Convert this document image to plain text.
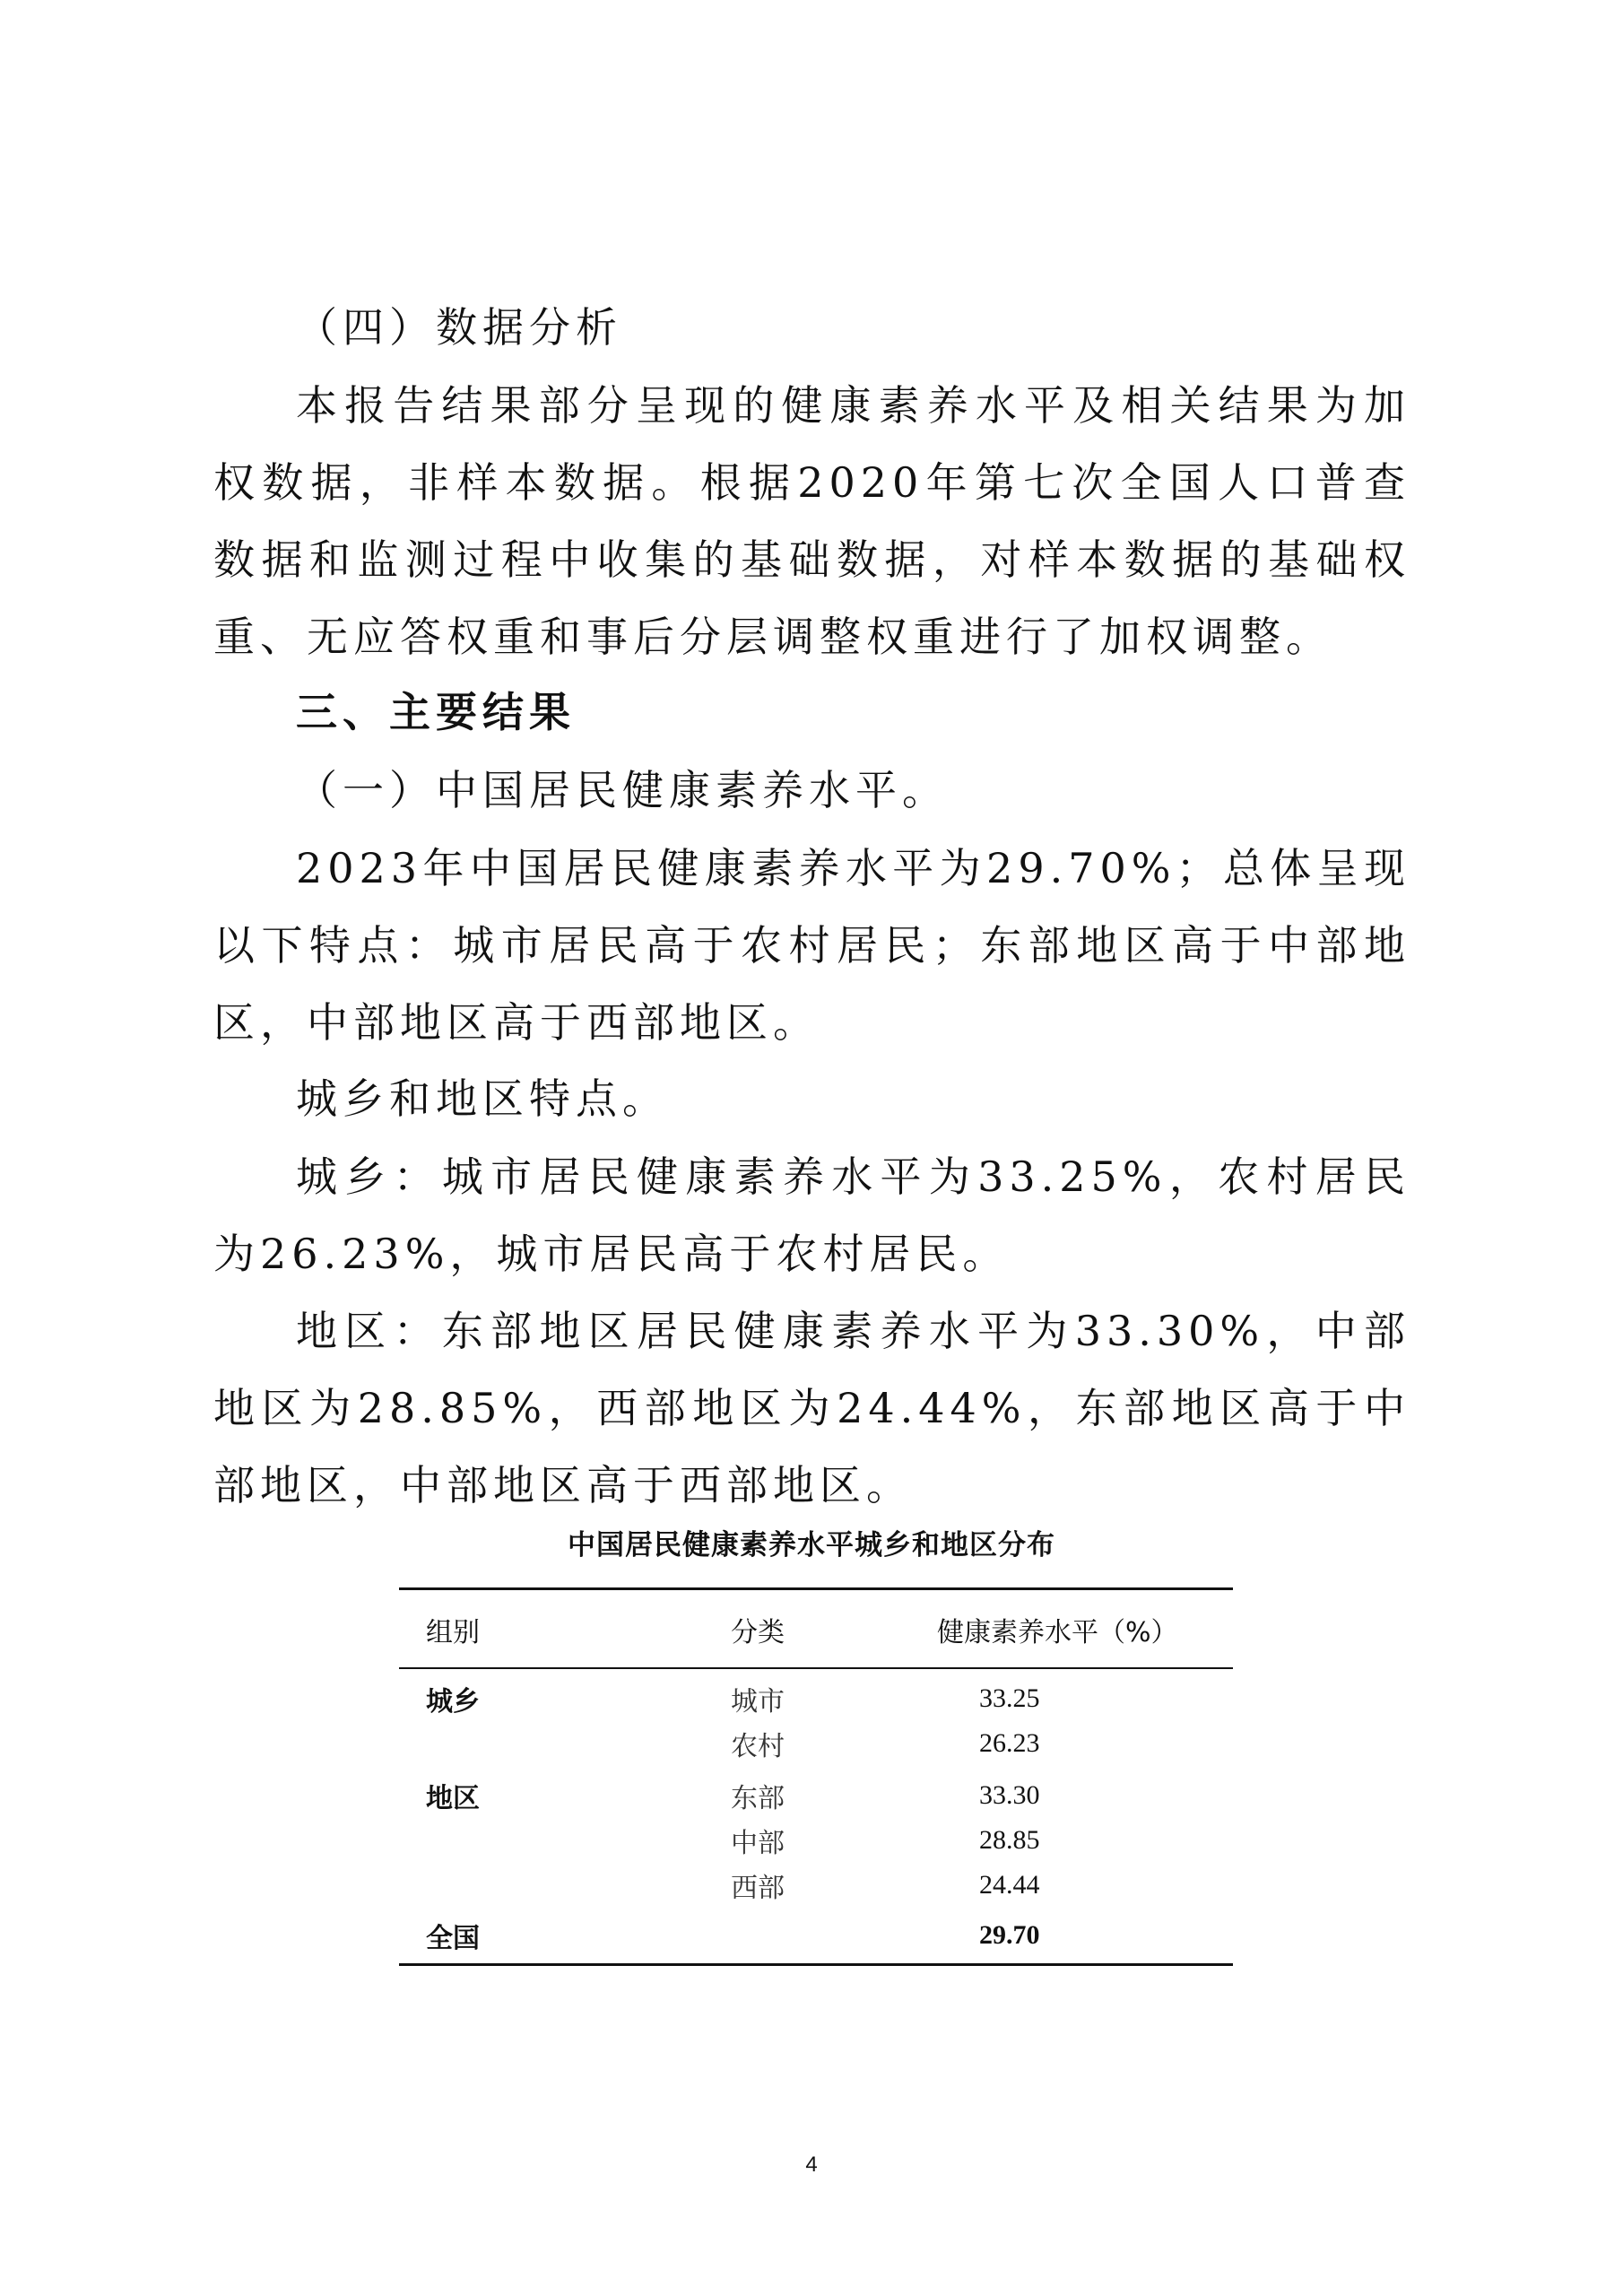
（四）数据分析

本报告结果部分呈现的健康素养水平及相关结果为加权数据，非样本数据。根据2020年第七次全国人口普查数据和监测过程中收集的基础数据，对样本数据的基础权重、无应答权重和事后分层调整权重进行了加权调整。

三、主要结果

（一）中国居民健康素养水平。

2023年中国居民健康素养水平为29.70%；总体呈现以下特点：城市居民高于农村居民；东部地区高于中部地区，中部地区高于西部地区。

城乡和地区特点。

城乡：城市居民健康素养水平为33.25%，农村居民为26.23%，城市居民高于农村居民。

地区：东部地区居民健康素养水平为33.30%，中部地区为28.85%，西部地区为24.44%，东部地区高于中部地区，中部地区高于西部地区。

中国居民健康素养水平城乡和地区分布
组别	分类	健康素养水平（%）
城乡	城市	33.25
	农村	26.23
地区	东部	33.30
	中部	28.85
	西部	24.44
全国		29.70
4
